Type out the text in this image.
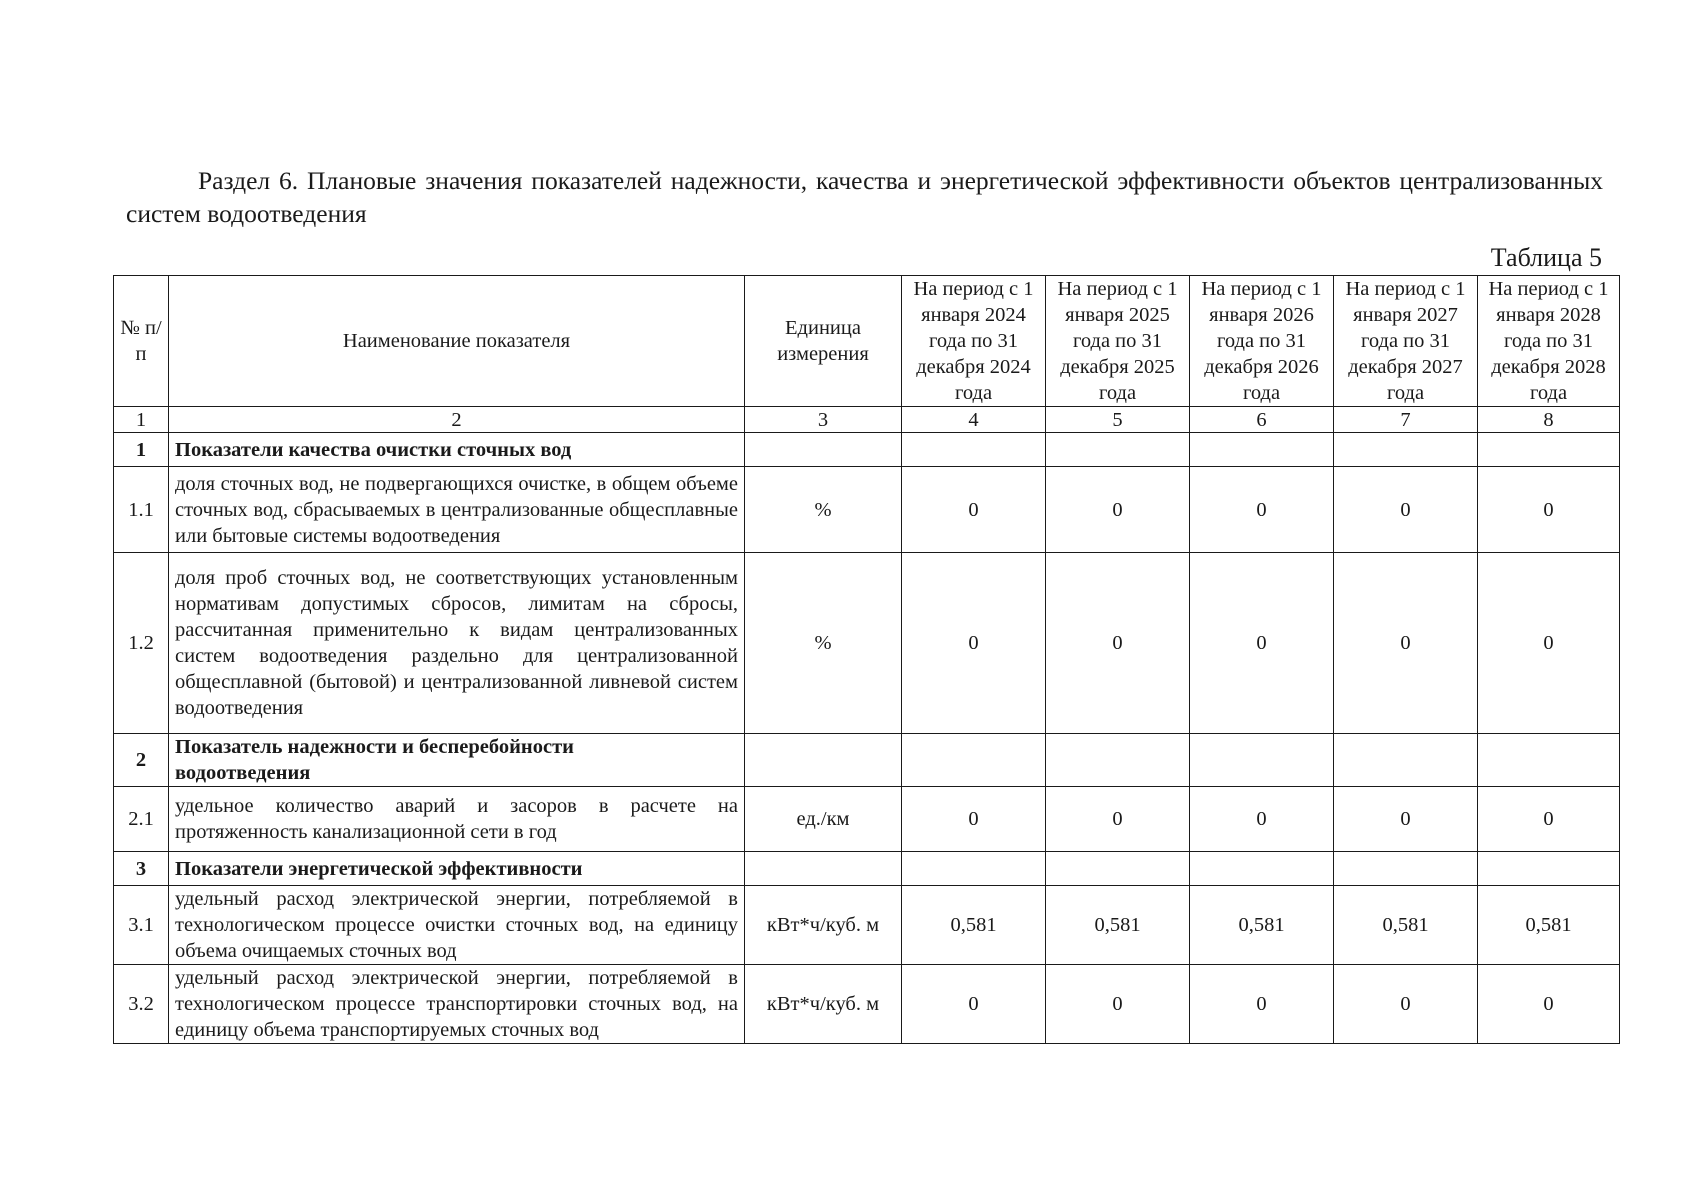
Раздел 6. Плановые значения показателей надежности, качества и энергетической эффективности объектов централизованных систем водоотведения
Таблица 5
№ п/п	Наименование показателя	Единица измерения	На период с 1 января 2024 года по 31 декабря 2024 года	На период с 1 января 2025 года по 31 декабря 2025 года	На период с 1 января 2026 года по 31 декабря 2026 года	На период с 1 января 2027 года по 31 декабря 2027 года	На период с 1 января 2028 года по 31 декабря 2028 года
1	2	3	4	5	6	7	8
1	Показатели качества очистки сточных вод						
1.1	доля сточных вод, не подвергающихся очистке, в общем объеме сточных вод, сбрасываемых в централизованные общесплавные или бытовые системы водоотведения	%	0	0	0	0	0
1.2	доля проб сточных вод, не соответствующих установленным нормативам допустимых сбросов, лимитам на сбросы, рассчитанная применительно к видам централизованных систем водоотведения раздельно для централизованной общесплавной (бытовой) и централизованной ливневой систем водоотведения	%	0	0	0	0	0
2	Показатель надежности и бесперебойности водоотведения						
2.1	удельное количество аварий и засоров в расчете на протяженность канализационной сети в год	ед./км	0	0	0	0	0
3	Показатели энергетической эффективности						
3.1	удельный расход электрической энергии, потребляемой в технологическом процессе очистки сточных вод, на единицу объема очищаемых сточных вод	кВт*ч/куб. м	0,581	0,581	0,581	0,581	0,581
3.2	удельный расход электрической энергии, потребляемой в технологическом процессе транспортировки сточных вод, на единицу объема транспортируемых сточных вод	кВт*ч/куб. м	0	0	0	0	0
